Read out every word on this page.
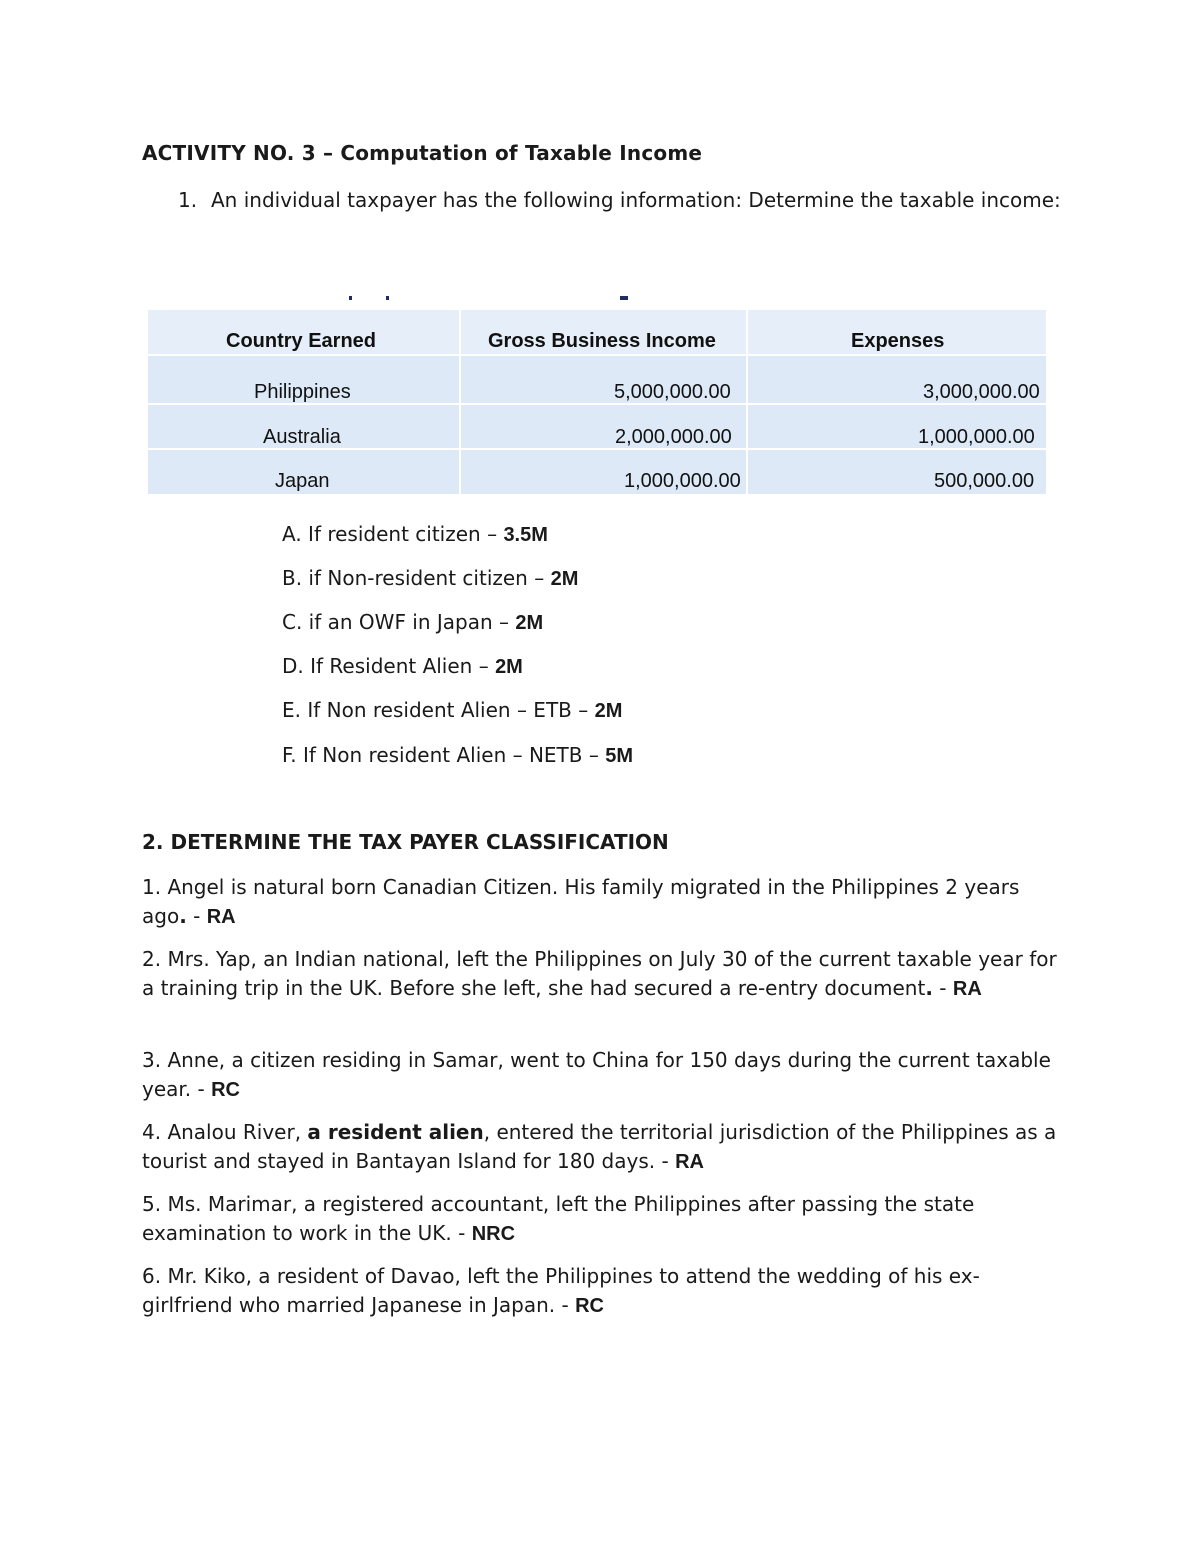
ACTIVITY NO. 3 – Computation of Taxable Income
1. An individual taxpayer has the following information: Determine the taxable income:
Country Earned	Gross Business Income	Expenses
Philippines	5,000,000.00	3,000,000.00
Australia	2,000,000.00	1,000,000.00
Japan	1,000,000.00	500,000.00
A. If resident citizen – 3.5M
B. if Non-resident citizen – 2M
C. if an OWF in Japan – 2M
D. If Resident Alien – 2M
E. If Non resident Alien – ETB – 2M
F. If Non resident Alien – NETB – 5M
2. DETERMINE THE TAX PAYER CLASSIFICATION
1. Angel is natural born Canadian Citizen. His family migrated in the Philippines 2 years ago. - RA
2. Mrs. Yap, an Indian national, left the Philippines on July 30 of the current taxable year for a training trip in the UK. Before she left, she had secured a re-entry document. - RA
3. Anne, a citizen residing in Samar, went to China for 150 days during the current taxable year. - RC
4. Analou River, a resident alien, entered the territorial jurisdiction of the Philippines as a tourist and stayed in Bantayan Island for 180 days. - RA
5. Ms. Marimar, a registered accountant, left the Philippines after passing the state examination to work in the UK. - NRC
6. Mr. Kiko, a resident of Davao, left the Philippines to attend the wedding of his ex-girlfriend who married Japanese in Japan. - RC
